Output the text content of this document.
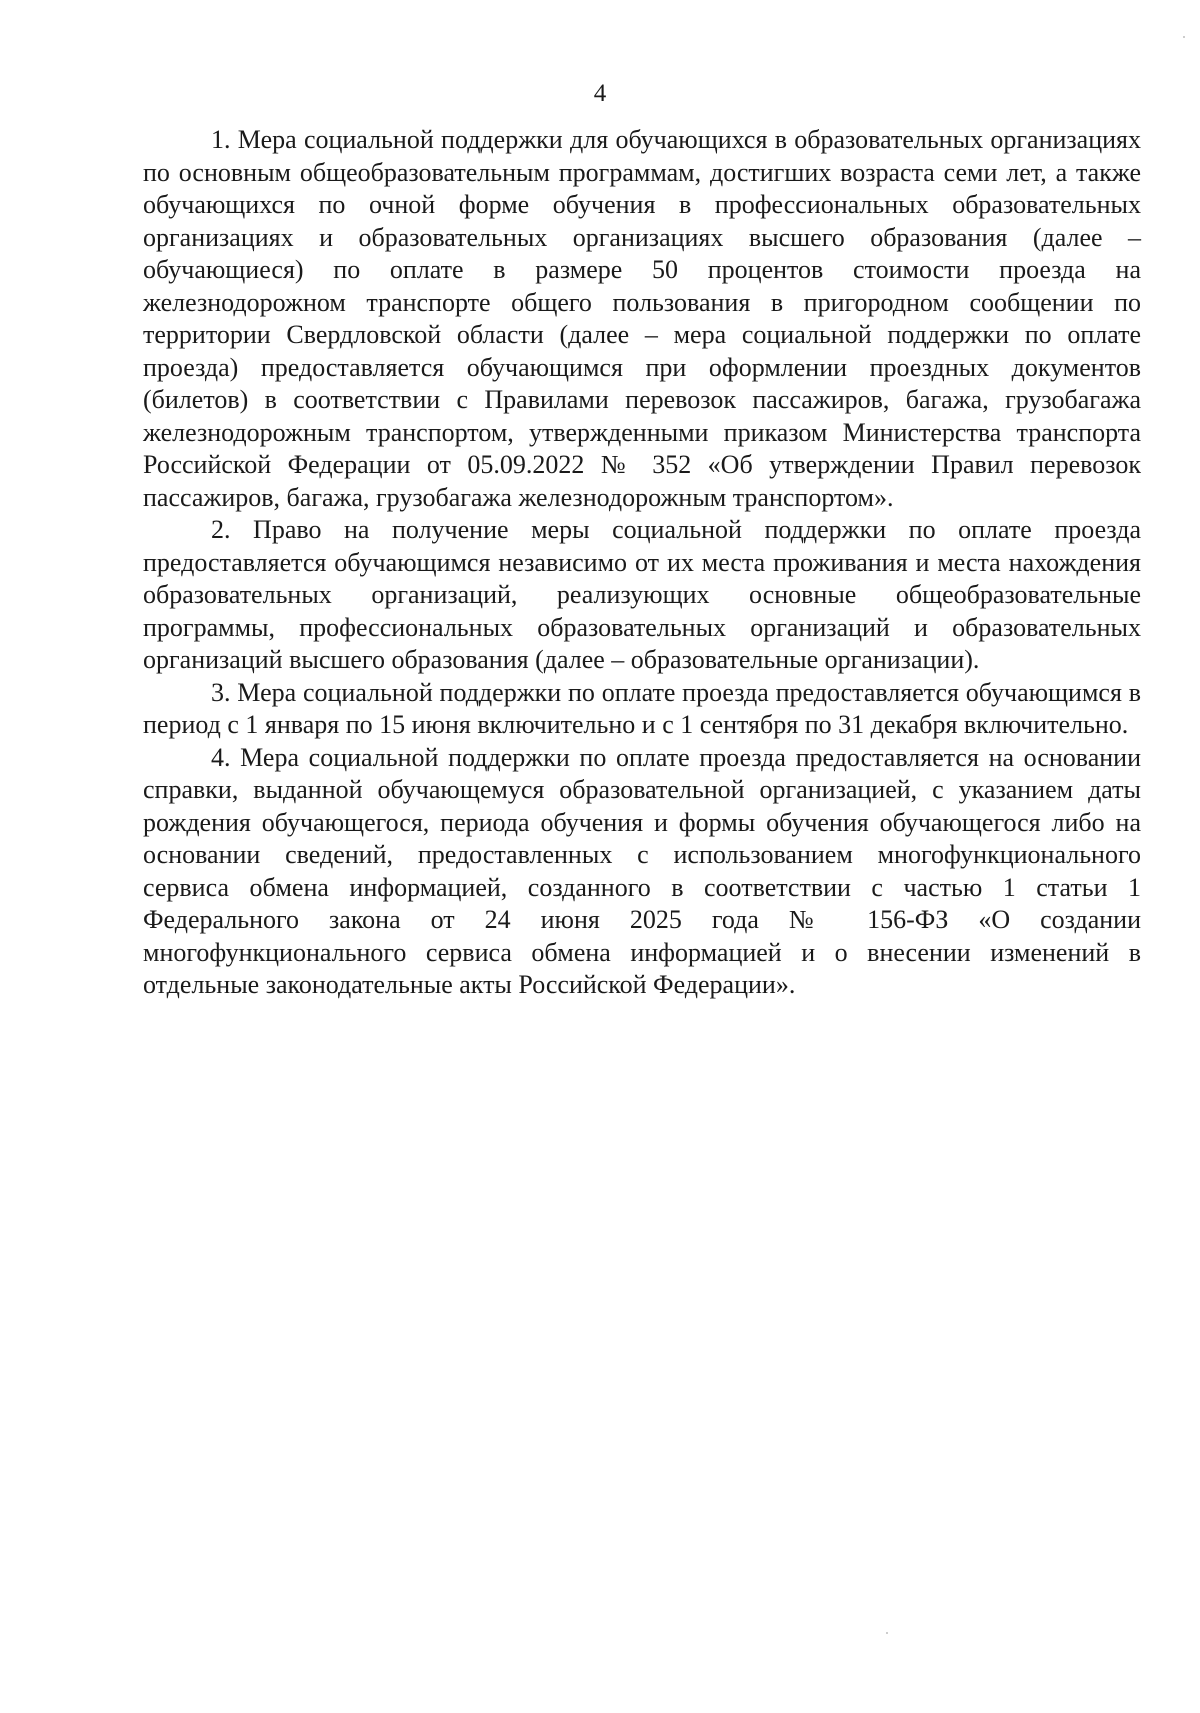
4

1. Мера социальной поддержки для обучающихся в образовательных организациях по основным общеобразовательным программам, достигших возраста семи лет, а также обучающихся по очной форме обучения в профессиональных образовательных организациях и образовательных организациях высшего образования (далее – обучающиеся) по оплате в размере 50 процентов стоимости проезда на железнодорожном транспорте общего пользования в пригородном сообщении по территории Свердловской области (далее – мера социальной поддержки по оплате проезда) предоставляется обучающимся при оформлении проездных документов (билетов) в соответствии с Правилами перевозок пассажиров, багажа, грузобагажа железнодорожным транспортом, утвержденными приказом Министерства транспорта Российской Федерации от 05.09.2022 № 352 «Об утверждении Правил перевозок пассажиров, багажа, грузобагажа железнодорожным транспортом».

2. Право на получение меры социальной поддержки по оплате проезда предоставляется обучающимся независимо от их места проживания и места нахождения образовательных организаций, реализующих основные общеобразовательные программы, профессиональных образовательных организаций и образовательных организаций высшего образования (далее – образовательные организации).

3. Мера социальной поддержки по оплате проезда предоставляется обучающимся в период с 1 января по 15 июня включительно и с 1 сентября по 31 декабря включительно.

4. Мера социальной поддержки по оплате проезда предоставляется на основании справки, выданной обучающемуся образовательной организацией, с указанием даты рождения обучающегося, периода обучения и формы обучения обучающегося либо на основании сведений, предоставленных с использованием многофункционального сервиса обмена информацией, созданного в соответствии с частью 1 статьи 1 Федерального закона от 24 июня 2025 года № 156-ФЗ «О создании многофункционального сервиса обмена информацией и о внесении изменений в отдельные законодательные акты Российской Федерации».
